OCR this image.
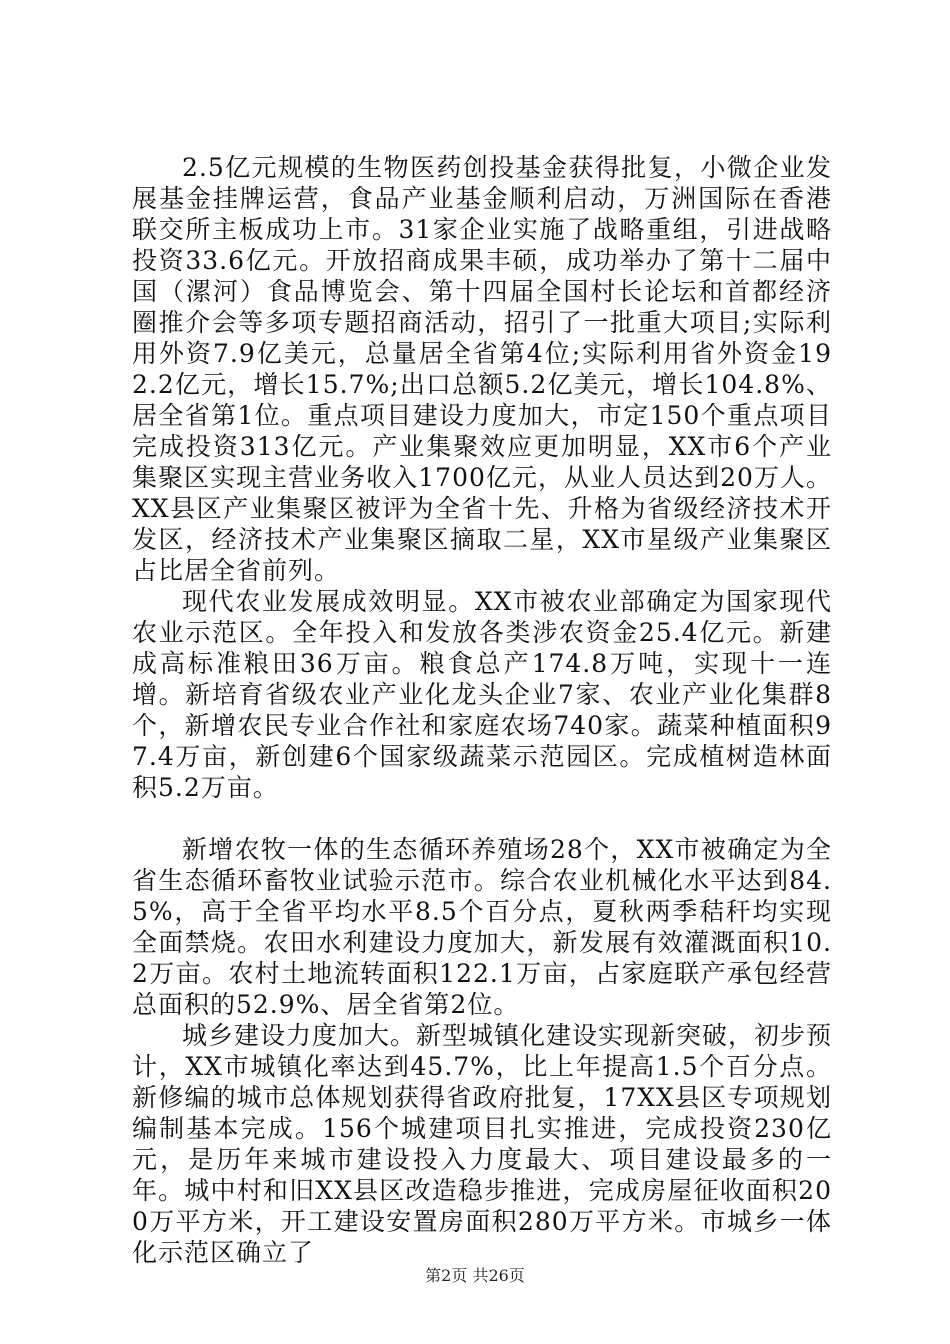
2.5亿元规模的生物医药创投基金获得批复，小微企业发展基金挂牌运营，食品产业基金顺利启动，万洲国际在香港联交所主板成功上市。31家企业实施了战略重组，引进战略投资33.6亿元。开放招商成果丰硕，成功举办了第十二届中国（漯河）食品博览会、第十四届全国村长论坛和首都经济圈推介会等多项专题招商活动，招引了一批重大项目;实际利用外资7.9亿美元，总量居全省第4位;实际利用省外资金192.2亿元，增长15.7%;出口总额5.2亿美元，增长104.8%、居全省第1位。重点项目建设力度加大，市定150个重点项目完成投资313亿元。产业集聚效应更加明显，XX市6个产业集聚区实现主营业务收入1700亿元，从业人员达到20万人。XX县区产业集聚区被评为全省十先、升格为省级经济技术开发区，经济技术产业集聚区摘取二星，XX市星级产业集聚区占比居全省前列。

现代农业发展成效明显。XX市被农业部确定为国家现代农业示范区。全年投入和发放各类涉农资金25.4亿元。新建成高标准粮田36万亩。粮食总产174.8万吨，实现十一连增。新培育省级农业产业化龙头企业7家、农业产业化集群8个，新增农民专业合作社和家庭农场740家。蔬菜种植面积97.4万亩，新创建6个国家级蔬菜示范园区。完成植树造林面积5.2万亩。

新增农牧一体的生态循环养殖场28个，XX市被确定为全省生态循环畜牧业试验示范市。综合农业机械化水平达到84.5%，高于全省平均水平8.5个百分点，夏秋两季秸秆均实现全面禁烧。农田水利建设力度加大，新发展有效灌溉面积10.2万亩。农村土地流转面积122.1万亩，占家庭联产承包经营总面积的52.9%、居全省第2位。

城乡建设力度加大。新型城镇化建设实现新突破，初步预计，XX市城镇化率达到45.7%，比上年提高1.5个百分点。新修编的城市总体规划获得省政府批复，17XX县区专项规划编制基本完成。156个城建项目扎实推进，完成投资230亿元，是历年来城市建设投入力度最大、项目建设最多的一年。城中村和旧XX县区改造稳步推进，完成房屋征收面积200万平方米，开工建设安置房面积280万平方米。市城乡一体化示范区确立了

第2页 共26页
